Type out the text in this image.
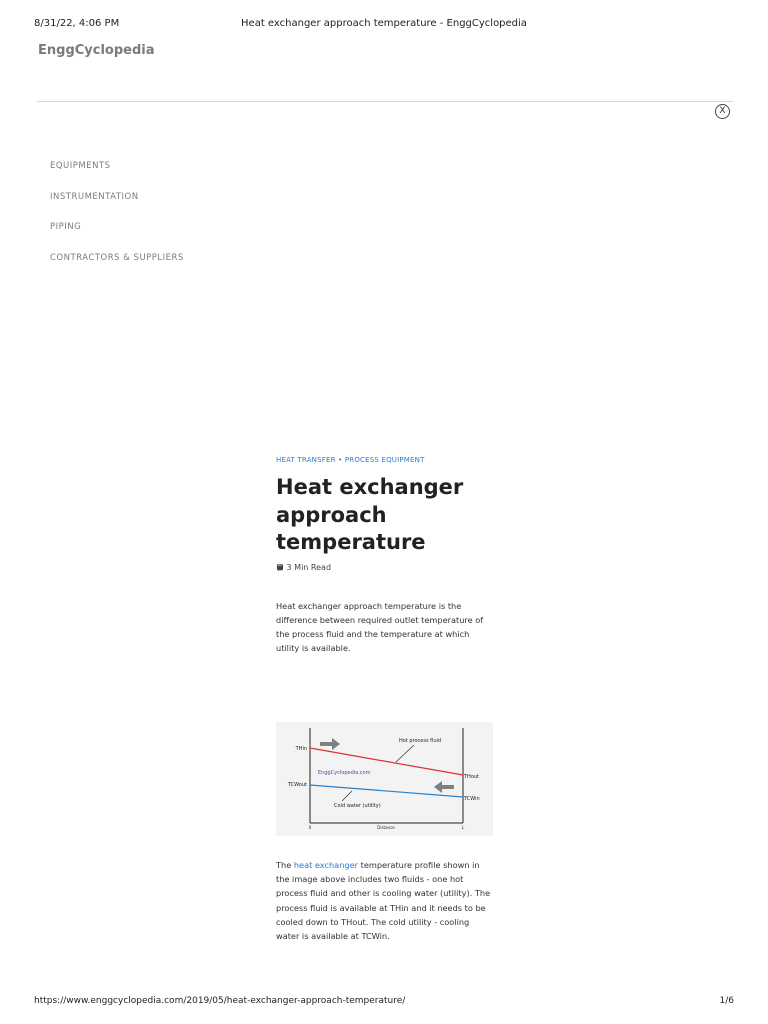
8/31/22, 4:06 PM	Heat exchanger approach temperature - EnggCyclopedia
EnggCyclopedia
X
EQUIPMENTS
INSTRUMENTATION
PIPING
CONTRACTORS & SUPPLIERS
HEAT TRANSFER • PROCESS EQUIPMENT
Heat exchanger approach temperature
3 Min Read

Heat exchanger approach temperature is the difference between required outlet temperature of the process fluid and the temperature at which utility is available.

THin
THout
TCWout
TCWin
Hot process fluid
Cold water (utility)
EnggCyclopedia.com
0	Distance	L

The heat exchanger temperature profile shown in the image above includes two fluids - one hot process fluid and other is cooling water (utility). The process fluid is available at THin and it needs to be cooled down to THout. The cold utility - cooling water is available at TCWin.

https://www.enggcyclopedia.com/2019/05/heat-exchanger-approach-temperature/	1/6
